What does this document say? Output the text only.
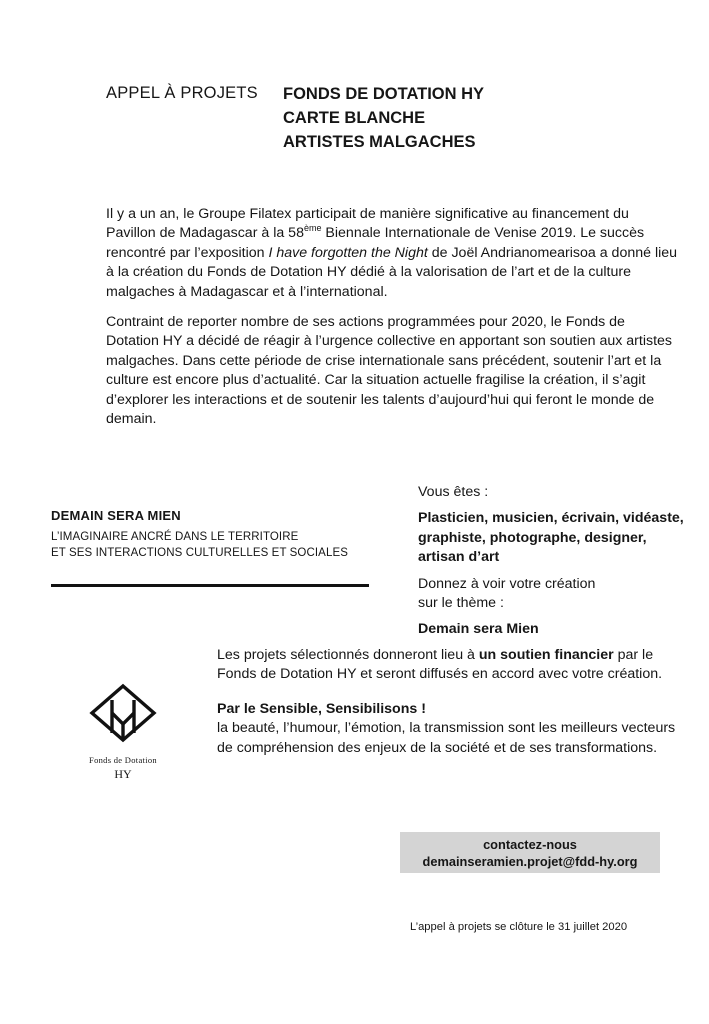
APPEL À PROJETS FONDS DE DOTATION HY
CARTE BLANCHE
ARTISTES MALGACHES

Il y a un an, le Groupe Filatex participait de manière significative au financement du Pavillon de Madagascar à la 58ème Biennale Internationale de Venise 2019. Le succès rencontré par l’exposition I have forgotten the Night de Joël Andrianomearisoa a donné lieu à la création du Fonds de Dotation HY dédié à la valorisation de l’art et de la culture malgaches à Madagascar et à l’international.

Contraint de reporter nombre de ses actions programmées pour 2020, le Fonds de Dotation HY a décidé de réagir à l’urgence collective en apportant son soutien aux artistes malgaches. Dans cette période de crise internationale sans précédent, soutenir l’art et la culture est encore plus d’actualité. Car la situation actuelle fragilise la création, il s’agit d’explorer les interactions et de soutenir les talents d’aujourd’hui qui feront le monde de demain.

DEMAIN SERA MIEN
L’IMAGINAIRE ANCRÉ DANS LE TERRITOIRE
ET SES INTERACTIONS CULTURELLES ET SOCIALES
Vous êtes :
Plasticien, musicien, écrivain, vidéaste, graphiste, photographe, designer, artisan d’art
Donnez à voir votre création
sur le thème :
Demain sera Mien
Fonds de Dotation
HY

Les projets sélectionnés donneront lieu à un soutien financier par le Fonds de Dotation HY et seront diffusés en accord avec votre création.

Par le Sensible, Sensibilisons !
la beauté, l’humour, l’émotion, la transmission sont les meilleurs vecteurs de compréhension des enjeux de la société et de ses transformations.
contactez-nous
demainseramien.projet@fdd-hy.org
L’appel à projets se clôture le 31 juillet 2020
